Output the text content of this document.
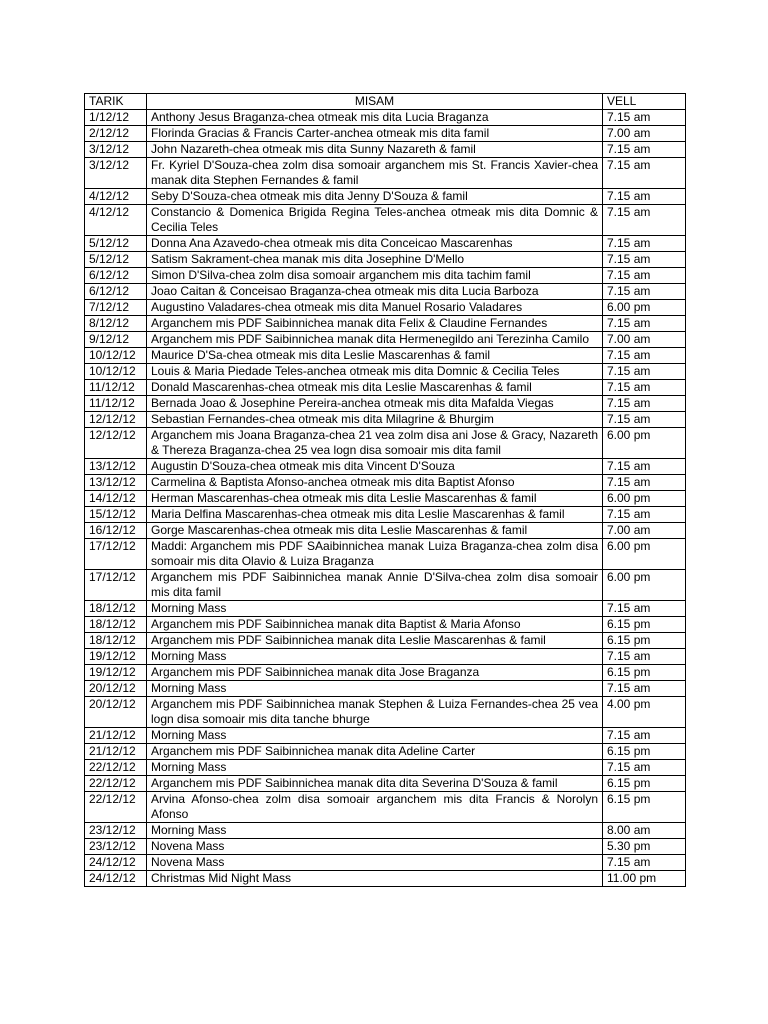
TARIK	MISAM	VELL
1/12/12	Anthony Jesus Braganza-chea otmeak mis dita Lucia Braganza	7.15 am
2/12/12	Florinda Gracias & Francis Carter-anchea otmeak mis dita famil	7.00 am
3/12/12	John Nazareth-chea otmeak mis dita Sunny Nazareth & famil	7.15 am
3/12/12	Fr. Kyriel D'Souza-chea zolm disa somoair arganchem mis St. Francis Xavier-chea manak dita Stephen Fernandes & famil	7.15 am
4/12/12	Seby D'Souza-chea otmeak mis dita Jenny D'Souza & famil	7.15 am
4/12/12	Constancio & Domenica Brigida Regina Teles-anchea otmeak mis dita Domnic & Cecilia Teles	7.15 am
5/12/12	Donna Ana Azavedo-chea otmeak mis dita Conceicao Mascarenhas	7.15 am
5/12/12	Satism Sakrament-chea manak mis dita Josephine D'Mello	7.15 am
6/12/12	Simon D'Silva-chea zolm disa somoair arganchem mis dita tachim famil	7.15 am
6/12/12	Joao Caitan & Conceisao Braganza-chea otmeak mis dita Lucia Barboza	7.15 am
7/12/12	Augustino Valadares-chea otmeak mis dita Manuel Rosario Valadares	6.00 pm
8/12/12	Arganchem mis PDF Saibinnichea manak dita Felix & Claudine Fernandes	7.15 am
9/12/12	Arganchem mis PDF Saibinnichea manak dita Hermenegildo ani Terezinha Camilo	7.00 am
10/12/12	Maurice D'Sa-chea otmeak mis dita Leslie Mascarenhas & famil	7.15 am
10/12/12	Louis & Maria Piedade Teles-anchea otmeak mis dita Domnic & Cecilia Teles	7.15 am
11/12/12	Donald Mascarenhas-chea otmeak mis dita Leslie Mascarenhas & famil	7.15 am
11/12/12	Bernada Joao & Josephine Pereira-anchea otmeak mis dita Mafalda Viegas	7.15 am
12/12/12	Sebastian Fernandes-chea otmeak mis dita Milagrine & Bhurgim	7.15 am
12/12/12	Arganchem mis Joana Braganza-chea 21 vea zolm disa ani Jose & Gracy, Nazareth & Thereza Braganza-chea 25 vea logn disa somoair mis dita famil	6.00 pm
13/12/12	Augustin D'Souza-chea otmeak mis dita Vincent D'Souza	7.15 am
13/12/12	Carmelina & Baptista Afonso-anchea otmeak mis dita Baptist Afonso	7.15 am
14/12/12	Herman Mascarenhas-chea otmeak mis dita Leslie Mascarenhas & famil	6.00 pm
15/12/12	Maria Delfina Mascarenhas-chea otmeak mis dita Leslie Mascarenhas & famil	7.15 am
16/12/12	Gorge Mascarenhas-chea otmeak mis dita Leslie Mascarenhas & famil	7.00 am
17/12/12	Maddi: Arganchem mis PDF SAaibinnichea manak Luiza Braganza-chea zolm disa somoair mis dita Olavio & Luiza Braganza	6.00 pm
17/12/12	Arganchem mis PDF Saibinnichea manak Annie D'Silva-chea zolm disa somoair mis dita famil	6.00 pm
18/12/12	Morning Mass	7.15 am
18/12/12	Arganchem mis PDF Saibinnichea manak dita Baptist & Maria Afonso	6.15 pm
18/12/12	Arganchem mis PDF Saibinnichea manak dita Leslie Mascarenhas & famil	6.15 pm
19/12/12	Morning Mass	7.15 am
19/12/12	Arganchem mis PDF Saibinnichea manak dita Jose Braganza	6.15 pm
20/12/12	Morning Mass	7.15 am
20/12/12	Arganchem mis PDF Saibinnichea manak Stephen & Luiza Fernandes-chea 25 vea logn disa somoair mis dita tanche bhurge	4.00 pm
21/12/12	Morning Mass	7.15 am
21/12/12	Arganchem mis PDF Saibinnichea manak dita Adeline Carter	6.15 pm
22/12/12	Morning Mass	7.15 am
22/12/12	Arganchem mis PDF Saibinnichea manak dita dita Severina D'Souza & famil	6.15 pm
22/12/12	Arvina Afonso-chea zolm disa somoair arganchem mis dita Francis & Norolyn Afonso	6.15 pm
23/12/12	Morning Mass	8.00 am
23/12/12	Novena Mass	5.30 pm
24/12/12	Novena Mass	7.15 am
24/12/12	Christmas Mid Night Mass	11.00 pm
